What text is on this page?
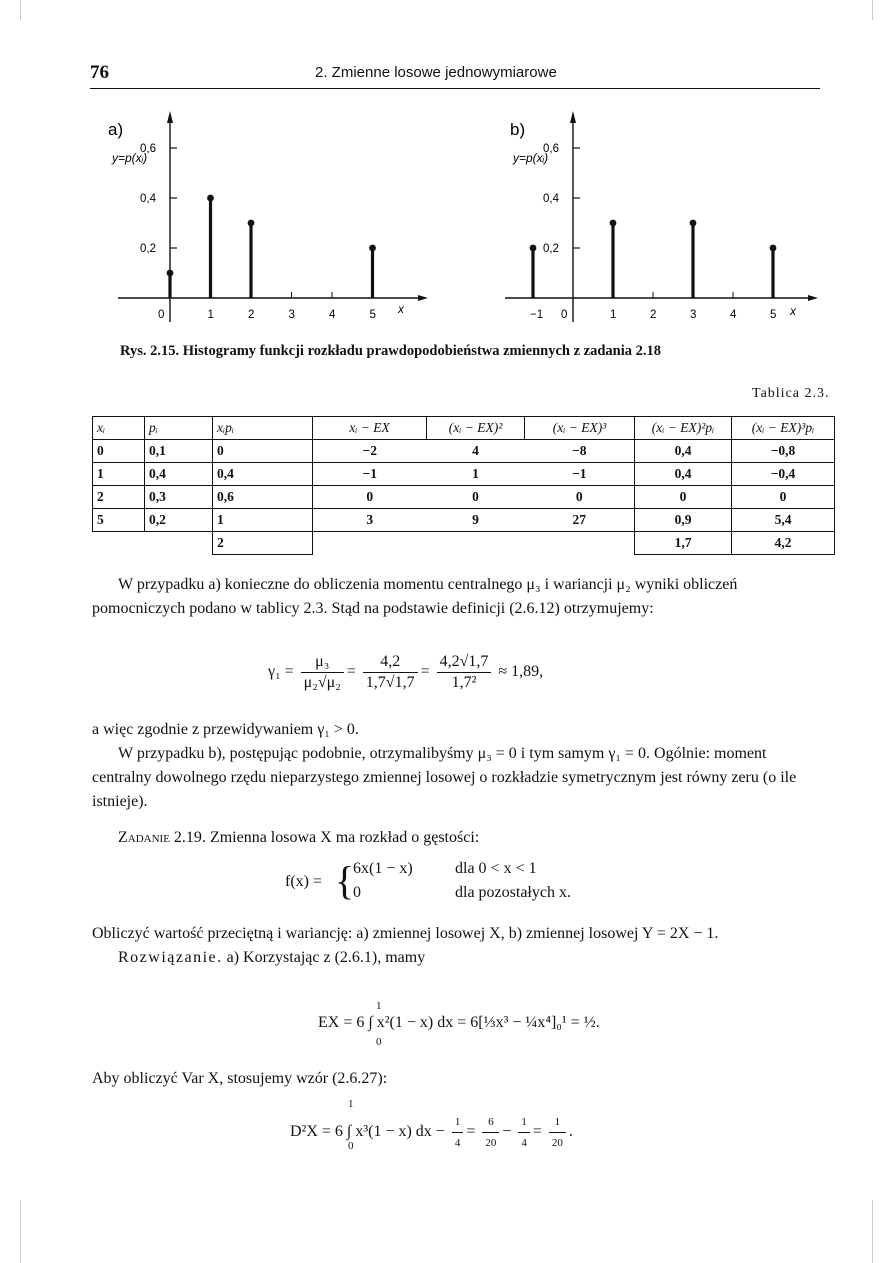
76	2. Zmienne losowe jednowymiarowe
a)
y=p(xᵢ)
0,6
0,4
0,2
0	1	2	3	4	5 x
b)
y=p(xᵢ)
0,6
0,4
0,2
−1 0	1	2	3	4	5 x
Rys. 2.15. Histogramy funkcji rozkładu prawdopodobieństwa zmiennych z zadania 2.18
Tablica 2.3.
xᵢ	pᵢ	xᵢpᵢ	xᵢ − EX	(xᵢ − EX)²	(xᵢ − EX)³	(xᵢ − EX)²pᵢ	(xᵢ − EX)³pᵢ
0	0,1	0	−2	4	−8	0,4	−0,8
1	0,4	0,4	−1	1	−1	0,4	−0,4
2	0,3	0,6	0	0	0	0	0
5	0,2	1	3	9	27	0,9	5,4
		2				1,7	4,2

W przypadku a) konieczne do obliczenia momentu centralnego μ₃ i wariancji μ₂ wyniki obliczeń pomocniczych podano w tablicy 2.3. Stąd na podstawie definicji (2.6.12) otrzymujemy:

$\gamma_1 = \frac{\text{μ₃}}{\text{μ₂√μ₂}} = \frac{4,2}{1,7√1,7} = \frac{4,2√1,7}{\text{1,7²}} \approx 1,89$,

a więc zgodnie z przewidywaniem γ₁ > 0.

W przypadku b), postępując podobnie, otrzymalibyśmy μ₃ = 0 i tym samym γ₁ = 0. Ogólnie: moment centralny dowolnego rzędu nieparzystego zmiennej losowej o rozkładzie symetrycznym jest równy zeru (o ile istnieje).

Zadanie 2.19. Zmienna losowa X ma rozkład o gęstości:

f(x) = {
6x(1 − x)	dla 0 < x < 1
0	dla pozostałych x.

Obliczyć wartość przeciętną i wariancję: a) zmiennej losowej X, b) zmiennej losowej Y = 2X − 1.

Rozwiązanie. a) Korzystając z (2.6.1), mamy

1
EX = 6 ∫ x²(1 − x) dx = 6[⅓x³ − ¼x⁴]₀¹ = ½.
0

Aby obliczyć Var X, stosujemy wzór (2.6.27):

1
D²X = 6 ∫ x³(1 − x) dx − $\frac{1}{4} = \frac{6}{20} - \frac{1}{4} = \frac{1}{20}$ .
0
